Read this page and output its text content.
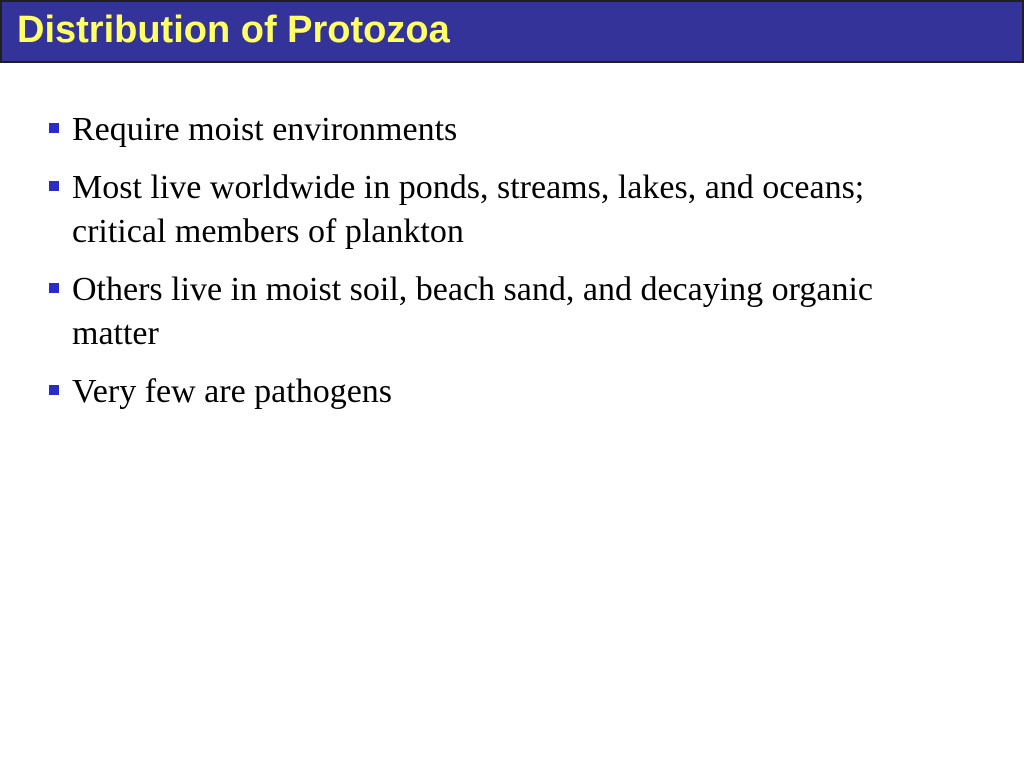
Distribution of Protozoa
Require moist environments
Most live worldwide in ponds, streams, lakes, and oceans; critical members of plankton
Others live in moist soil, beach sand, and decaying organic matter
Very few are pathogens
